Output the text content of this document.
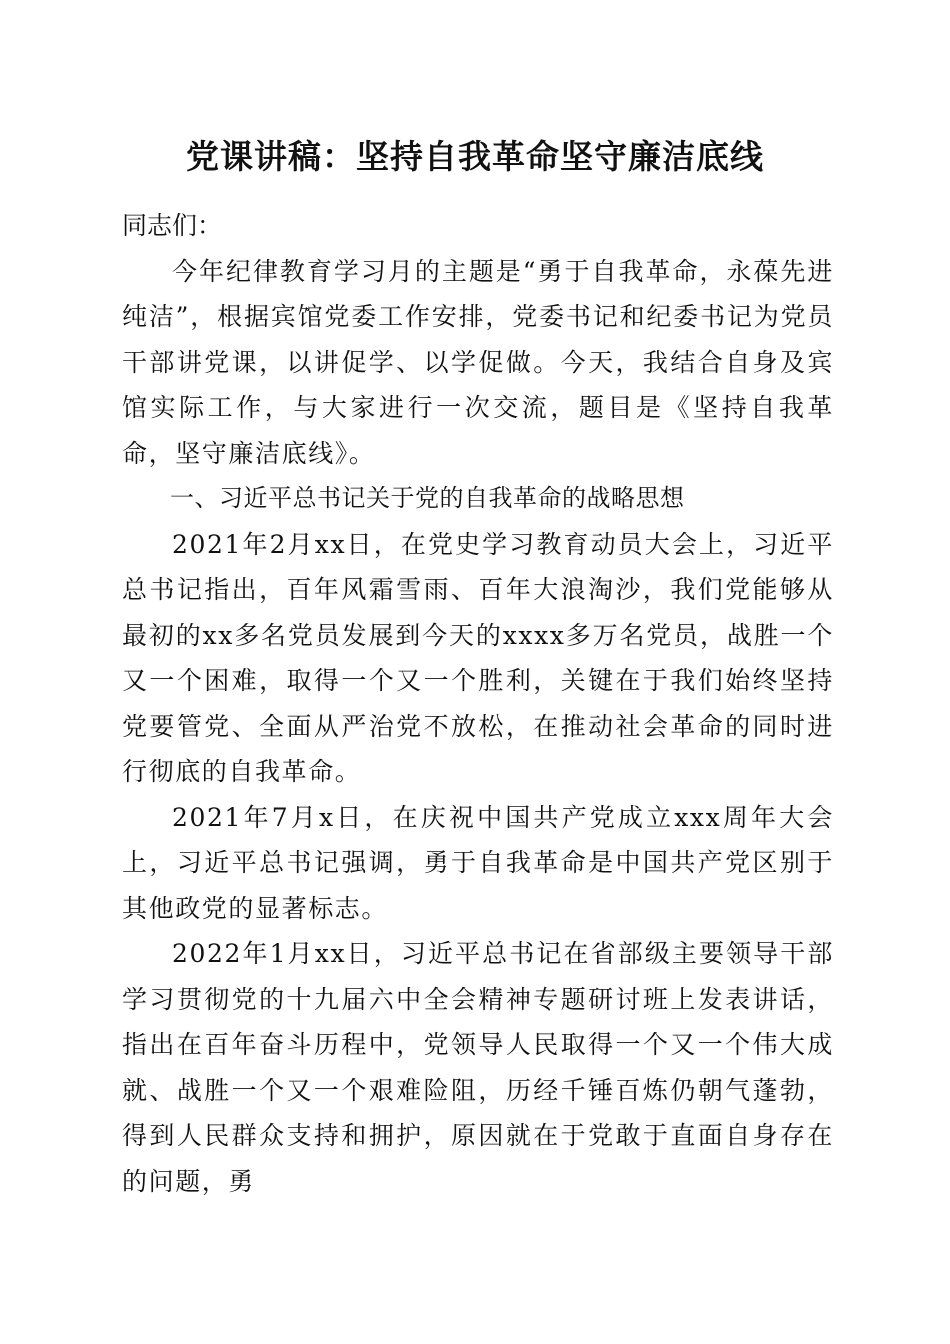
党课讲稿：坚持自我革命坚守廉洁底线

同志们：

今年纪律教育学习月的主题是“勇于自我革命，永葆先进纯洁”，根据宾馆党委工作安排，党委书记和纪委书记为党员干部讲党课，以讲促学、以学促做。今天，我结合自身及宾馆实际工作，与大家进行一次交流，题目是《坚持自我革命，坚守廉洁底线》。

一、习近平总书记关于党的自我革命的战略思想

2021年2月xx日，在党史学习教育动员大会上，习近平总书记指出，百年风霜雪雨、百年大浪淘沙，我们党能够从最初的xx多名党员发展到今天的xxxx多万名党员，战胜一个又一个困难，取得一个又一个胜利，关键在于我们始终坚持党要管党、全面从严治党不放松，在推动社会革命的同时进行彻底的自我革命。

2021年7月x日，在庆祝中国共产党成立xxx周年大会上，习近平总书记强调，勇于自我革命是中国共产党区别于其他政党的显著标志。

2022年1月xx日，习近平总书记在省部级主要领导干部学习贯彻党的十九届六中全会精神专题研讨班上发表讲话，指出在百年奋斗历程中，党领导人民取得一个又一个伟大成就、战胜一个又一个艰难险阻，历经千锤百炼仍朝气蓬勃，得到人民群众支持和拥护，原因就在于党敢于直面自身存在的问题，勇
